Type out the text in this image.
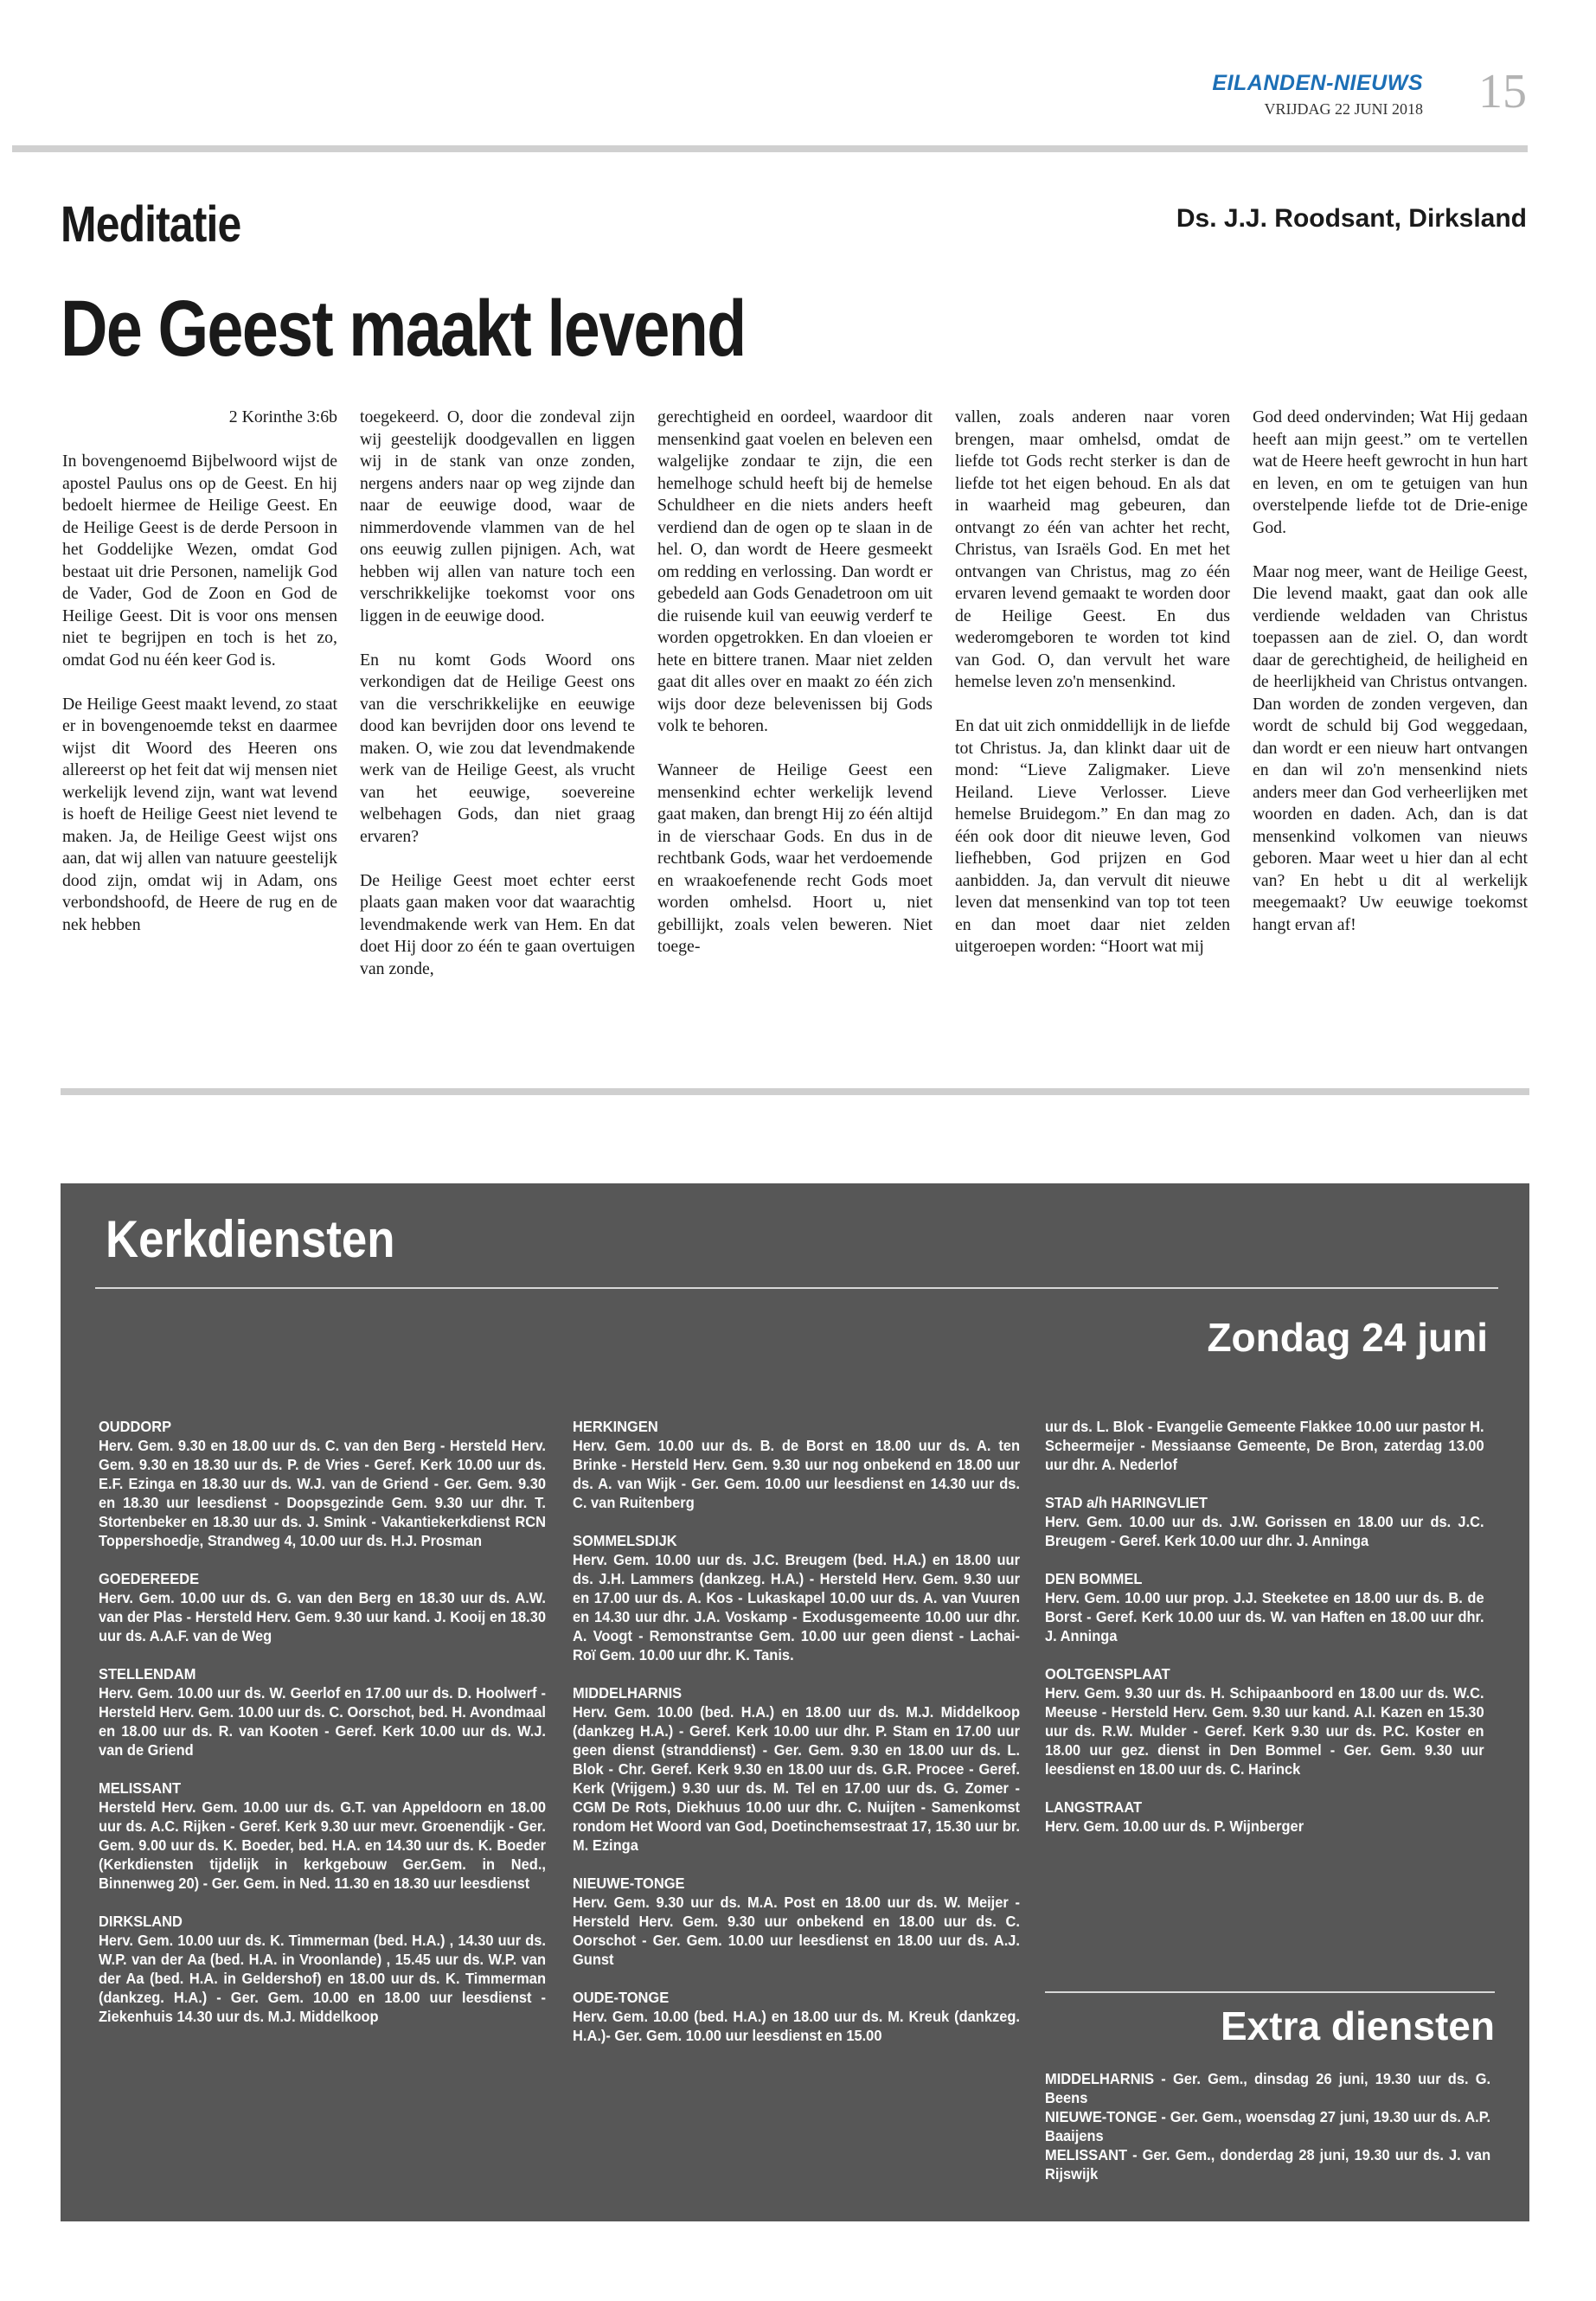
EILANDEN-NIEUWS
VRIJDAG 22 JUNI 2018 15
Meditatie	Ds. J.J. Roodsant, Dirksland
De Geest maakt levend

2 Korinthe 3:6b

In bovengenoemd Bijbelwoord wijst de apostel Paulus ons op de Geest. En hij bedoelt hiermee de Heilige Geest. En de Heilige Geest is de derde Persoon in het Goddelijke Wezen, omdat God bestaat uit drie Personen, namelijk God de Vader, God de Zoon en God de Heilige Geest. Dit is voor ons mensen niet te begrijpen en toch is het zo, omdat God nu één keer God is.

De Heilige Geest maakt levend, zo staat er in bovengenoemde tekst en daarmee wijst dit Woord des Heeren ons allereerst op het feit dat wij mensen niet werkelijk levend zijn, want wat levend is hoeft de Heilige Geest niet levend te maken. Ja, de Heilige Geest wijst ons aan, dat wij allen van natuure geestelijk dood zijn, omdat wij in Adam, ons verbondshoofd, de Heere de rug en de nek hebben

toegekeerd. O, door die zondeval zijn wij geestelijk doodgevallen en liggen wij in de stank van onze zonden, nergens anders naar op weg zijnde dan naar de eeuwige dood, waar de nimmerdovende vlammen van de hel ons eeuwig zullen pijnigen. Ach, wat hebben wij allen van nature toch een verschrikkelijke toekomst voor ons liggen in de eeuwige dood.

En nu komt Gods Woord ons verkondigen dat de Heilige Geest ons van die verschrikkelijke en eeuwige dood kan bevrijden door ons levend te maken. O, wie zou dat levendmakende werk van de Heilige Geest, als vrucht van het eeuwige, soevereine welbehagen Gods, dan niet graag ervaren?

De Heilige Geest moet echter eerst plaats gaan maken voor dat waarachtig levendmakende werk van Hem. En dat doet Hij door zo één te gaan overtuigen van zonde,

gerechtigheid en oordeel, waardoor dit mensenkind gaat voelen en beleven een walgelijke zondaar te zijn, die een hemelhoge schuld heeft bij de hemelse Schuldheer en die niets anders heeft verdiend dan de ogen op te slaan in de hel. O, dan wordt de Heere gesmeekt om redding en verlossing. Dan wordt er gebedeld aan Gods Genadetroon om uit die ruisende kuil van eeuwig verderf te worden opgetrokken. En dan vloeien er hete en bittere tranen. Maar niet zelden gaat dit alles over en maakt zo één zich wijs door deze belevenissen bij Gods volk te behoren.

Wanneer de Heilige Geest een mensenkind echter werkelijk levend gaat maken, dan brengt Hij zo één altijd in de vierschaar Gods. En dus in de rechtbank Gods, waar het verdoemende en wraakoefenende recht Gods moet worden omhelsd. Hoort u, niet gebillijkt, zoals velen beweren. Niet toege-

vallen, zoals anderen naar voren brengen, maar omhelsd, omdat de liefde tot Gods recht sterker is dan de liefde tot het eigen behoud. En als dat in waarheid mag gebeuren, dan ontvangt zo één van achter het recht, Christus, van Israëls God. En met het ontvangen van Christus, mag zo één ervaren levend gemaakt te worden door de Heilige Geest. En dus wederomgeboren te worden tot kind van God. O, dan vervult het ware hemelse leven zo'n mensenkind.

En dat uit zich onmiddellijk in de liefde tot Christus. Ja, dan klinkt daar uit de mond: “Lieve Zaligmaker. Lieve Heiland. Lieve Verlosser. Lieve hemelse Bruidegom.” En dan mag zo één ook door dit nieuwe leven, God liefhebben, God prijzen en God aanbidden. Ja, dan vervult dit nieuwe leven dat mensenkind van top tot teen en dan moet daar niet zelden uitgeroepen worden: “Hoort wat mij

God deed ondervinden; Wat Hij gedaan heeft aan mijn geest.” om te vertellen wat de Heere heeft gewrocht in hun hart en leven, en om te getuigen van hun overstelpende liefde tot de Drie-enige God.

Maar nog meer, want de Heilige Geest, Die levend maakt, gaat dan ook alle verdiende weldaden van Christus toepassen aan de ziel. O, dan wordt daar de gerechtigheid, de heiligheid en de heerlijkheid van Christus ontvangen. Dan worden de zonden vergeven, dan wordt de schuld bij God weggedaan, dan wordt er een nieuw hart ontvangen en dan wil zo'n mensenkind niets anders meer dan God verheerlijken met woorden en daden. Ach, dan is dat mensenkind volkomen van nieuws geboren. Maar weet u hier dan al echt van? En hebt u dit al werkelijk meegemaakt? Uw eeuwige toekomst hangt ervan af!

Kerkdiensten
Zondag 24 juni
OUDDORP
Herv. Gem. 9.30 en 18.00 uur ds. C. van den Berg - Hersteld Herv. Gem. 9.30 en 18.30 uur ds. P. de Vries - Geref. Kerk 10.00 uur ds. E.F. Ezinga en 18.30 uur ds. W.J. van de Griend - Ger. Gem. 9.30 en 18.30 uur leesdienst - Doopsgezinde Gem. 9.30 uur dhr. T. Stortenbeker en 18.30 uur ds. J. Smink - Vakantiekerkdienst RCN Toppershoedje, Strandweg 4, 10.00 uur ds. H.J. Prosman
GOEDEREEDE
Herv. Gem. 10.00 uur ds. G. van den Berg en 18.30 uur ds. A.W. van der Plas - Hersteld Herv. Gem. 9.30 uur kand. J. Kooij en 18.30 uur ds. A.A.F. van de Weg
STELLENDAM
Herv. Gem. 10.00 uur ds. W. Geerlof en 17.00 uur ds. D. Hoolwerf - Hersteld Herv. Gem. 10.00 uur ds. C. Oorschot, bed. H. Avondmaal en 18.00 uur ds. R. van Kooten - Geref. Kerk 10.00 uur ds. W.J. van de Griend
MELISSANT
Hersteld Herv. Gem. 10.00 uur ds. G.T. van Appeldoorn en 18.00 uur ds. A.C. Rijken - Geref. Kerk 9.30 uur mevr. Groenendijk - Ger. Gem. 9.00 uur ds. K. Boeder, bed. H.A. en 14.30 uur ds. K. Boeder (Kerkdiensten tijdelijk in kerkgebouw Ger.Gem. in Ned., Binnenweg 20) - Ger. Gem. in Ned. 11.30 en 18.30 uur leesdienst
DIRKSLAND
Herv. Gem. 10.00 uur ds. K. Timmerman (bed. H.A.) , 14.30 uur ds. W.P. van der Aa (bed. H.A. in Vroonlande) , 15.45 uur ds. W.P. van der Aa (bed. H.A. in Geldershof) en 18.00 uur ds. K. Timmerman (dankzeg. H.A.) - Ger. Gem. 10.00 en 18.00 uur leesdienst - Ziekenhuis 14.30 uur ds. M.J. Middelkoop
HERKINGEN
Herv. Gem. 10.00 uur ds. B. de Borst en 18.00 uur ds. A. ten Brinke - Hersteld Herv. Gem. 9.30 uur nog onbekend en 18.00 uur ds. A. van Wijk - Ger. Gem. 10.00 uur leesdienst en 14.30 uur ds. C. van Ruitenberg
SOMMELSDIJK
Herv. Gem. 10.00 uur ds. J.C. Breugem (bed. H.A.) en 18.00 uur ds. J.H. Lammers (dankzeg. H.A.) - Hersteld Herv. Gem. 9.30 uur en 17.00 uur ds. A. Kos - Lukaskapel 10.00 uur ds. A. van Vuuren en 14.30 uur dhr. J.A. Voskamp - Exodusgemeente 10.00 uur dhr. A. Voogt - Remonstrantse Gem. 10.00 uur geen dienst - Lachai-Roï Gem. 10.00 uur dhr. K. Tanis.
MIDDELHARNIS
Herv. Gem. 10.00 (bed. H.A.) en 18.00 uur ds. M.J. Middelkoop (dankzeg H.A.) - Geref. Kerk 10.00 uur dhr. P. Stam en 17.00 uur geen dienst (stranddienst) - Ger. Gem. 9.30 en 18.00 uur ds. L. Blok - Chr. Geref. Kerk 9.30 en 18.00 uur ds. G.R. Procee - Geref. Kerk (Vrijgem.) 9.30 uur ds. M. Tel en 17.00 uur ds. G. Zomer - CGM De Rots, Diekhuus 10.00 uur dhr. C. Nuijten - Samenkomst rondom Het Woord van God, Doetinchemsestraat 17, 15.30 uur br. M. Ezinga
NIEUWE-TONGE
Herv. Gem. 9.30 uur ds. M.A. Post en 18.00 uur ds. W. Meijer - Hersteld Herv. Gem. 9.30 uur onbekend en 18.00 uur ds. C. Oorschot - Ger. Gem. 10.00 uur leesdienst en 18.00 uur ds. A.J. Gunst
OUDE-TONGE
Herv. Gem. 10.00 (bed. H.A.) en 18.00 uur ds. M. Kreuk (dankzeg. H.A.)- Ger. Gem. 10.00 uur leesdienst en 15.00
uur ds. L. Blok - Evangelie Gemeente Flakkee 10.00 uur pastor H. Scheermeijer - Messiaanse Gemeente, De Bron, zaterdag 13.00 uur dhr. A. Nederlof
STAD a/h HARINGVLIET
Herv. Gem. 10.00 uur ds. J.W. Gorissen en 18.00 uur ds. J.C. Breugem - Geref. Kerk 10.00 uur dhr. J. Anninga
DEN BOMMEL
Herv. Gem. 10.00 uur prop. J.J. Steeketee en 18.00 uur ds. B. de Borst - Geref. Kerk 10.00 uur ds. W. van Haften en 18.00 uur dhr. J. Anninga
OOLTGENSPLAAT
Herv. Gem. 9.30 uur ds. H. Schipaanboord en 18.00 uur ds. W.C. Meeuse - Hersteld Herv. Gem. 9.30 uur kand. A.I. Kazen en 15.30 uur ds. R.W. Mulder - Geref. Kerk 9.30 uur ds. P.C. Koster en 18.00 uur gez. dienst in Den Bommel - Ger. Gem. 9.30 uur leesdienst en 18.00 uur ds. C. Harinck
LANGSTRAAT
Herv. Gem. 10.00 uur ds. P. Wijnberger
Extra diensten
MIDDELHARNIS - Ger. Gem., dinsdag 26 juni, 19.30 uur ds. G. Beens
NIEUWE-TONGE - Ger. Gem., woensdag 27 juni, 19.30 uur ds. A.P. Baaijens
MELISSANT - Ger. Gem., donderdag 28 juni, 19.30 uur ds. J. van Rijswijk
